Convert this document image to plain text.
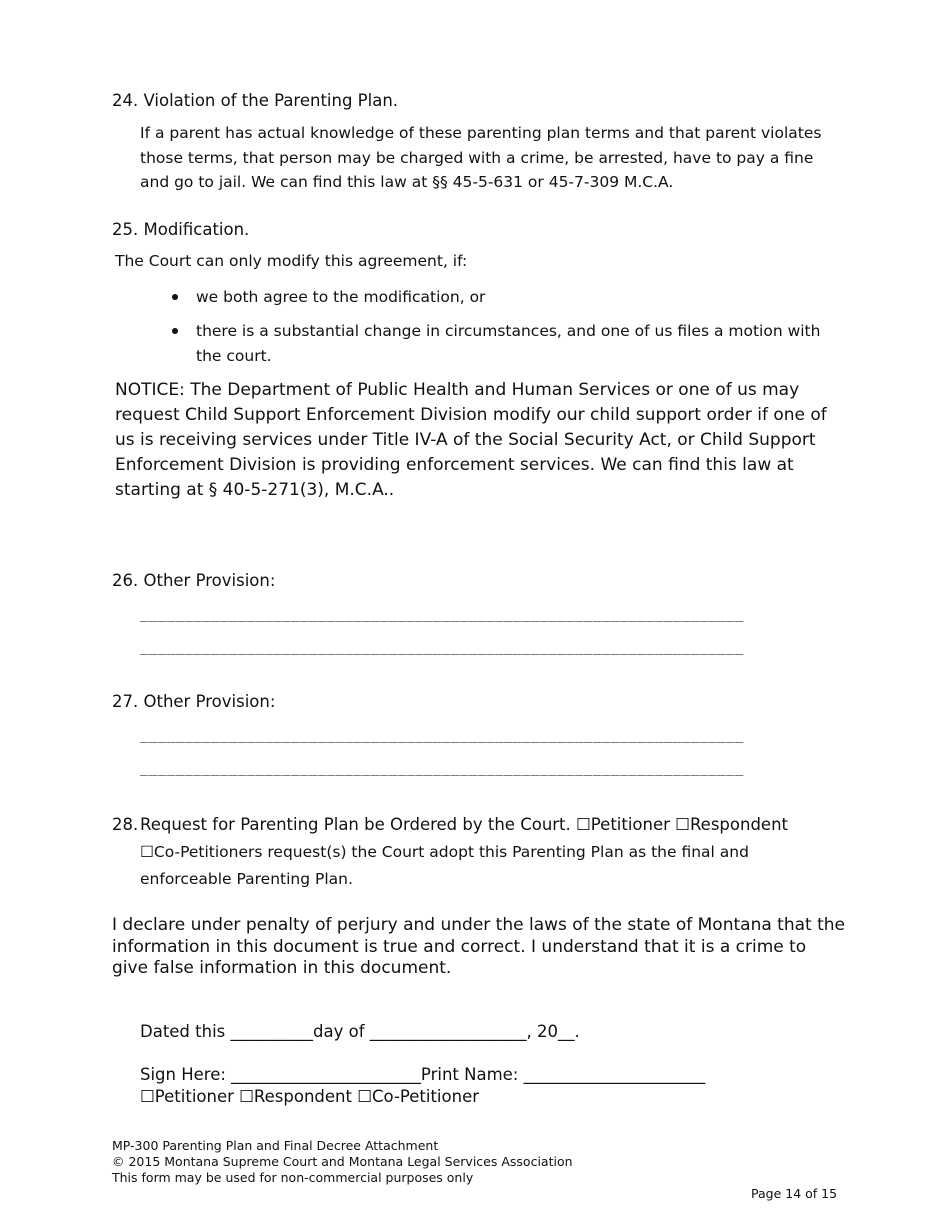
24. Violation of the Parenting Plan.
If a parent has actual knowledge of these parenting plan terms and that parent violates those terms, that person may be charged with a crime, be arrested, have to pay a fine and go to jail. We can find this law at §§ 45-5-631 or 45-7-309 M.C.A.
25. Modification.
The Court can only modify this agreement, if:
we both agree to the modification, or
there is a substantial change in circumstances, and one of us files a motion with the court.
NOTICE: The Department of Public Health and Human Services or one of us may request Child Support Enforcement Division modify our child support order if one of us is receiving services under Title IV-A of the Social Security Act, or Child Support Enforcement Division is providing enforcement services. We can find this law at starting at § 40-5-271(3), M.C.A..
26. Other Provision:
____________________________________________________________________
____________________________________________________________________
27. Other Provision:
____________________________________________________________________
____________________________________________________________________
28. Request for Parenting Plan be Ordered by the Court. ☐Petitioner ☐Respondent
☐Co-Petitioners request(s) the Court adopt this Parenting Plan as the final and
enforceable Parenting Plan.
I declare under penalty of perjury and under the laws of the state of Montana that the information in this document is true and correct. I understand that it is a crime to give false information in this document.
Dated this __________day of ___________________, 20__.
Sign Here: _______________________Print Name: ______________________
☐Petitioner ☐Respondent ☐Co-Petitioner
MP-300 Parenting Plan and Final Decree Attachment
© 2015 Montana Supreme Court and Montana Legal Services Association
This form may be used for non-commercial purposes only
Page 14 of 15
